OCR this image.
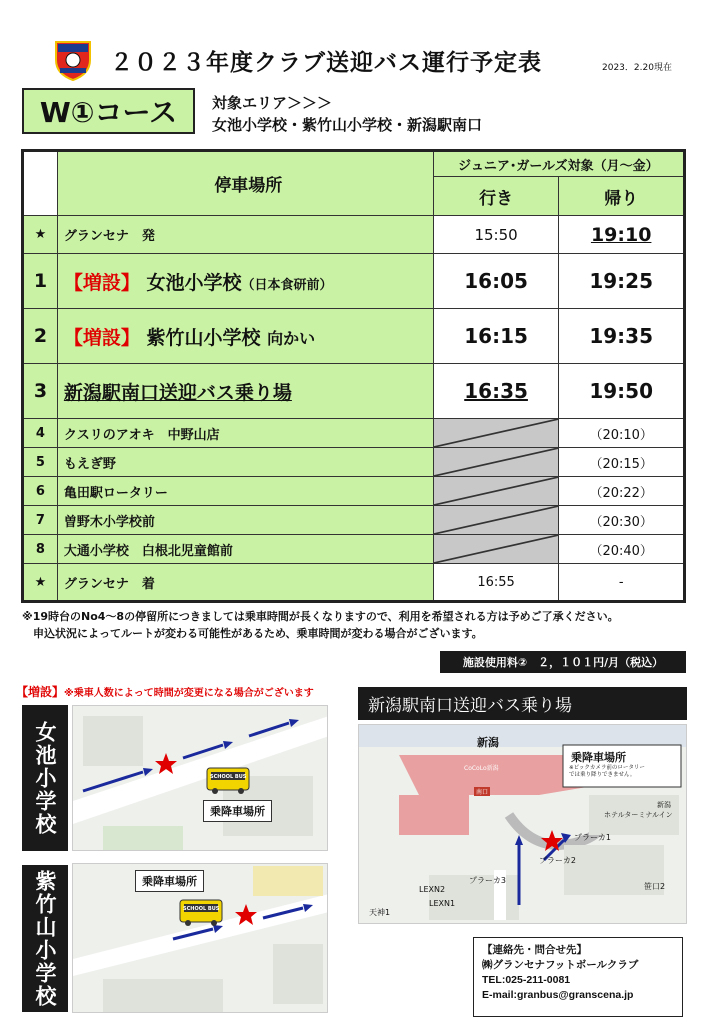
２０２３年度クラブ送迎バス運行予定表	2023．2.20現在
W①コース	対象エリア＞＞＞
女池小学校・紫竹山小学校・新潟駅南口
	停車場所	ジュニア･ガールズ対象（月～金）	
		行き	帰り
★	グランセナ　発	15:50	19:10
1	【増設】 女池小学校（日本食研前）	16:05	19:25
2	【増設】 紫竹山小学校 向かい	16:15	19:35
3	新潟駅南口送迎バス乗り場	16:35	19:50
4	クスリのアオキ　中野山店		（20:10）
5	もえぎ野		（20:15）
6	亀田駅ロータリー		（20:22）
7	曽野木小学校前		（20:30）
8	大通小学校　白根北児童館前		（20:40）
★	グランセナ　着	16:55	-
※19時台のNo4～8の停留所につきましては乗車時間が長くなりますので、利用を希望される方は予めご了承ください。
　申込状況によってルートが変わる可能性があるため、乗車時間が変わる場合がございます。
施設使用料②　２，１０１円/月（税込）
【増設】※乗車人数によって時間が変更になる場合がございます
女池小学校	SCHOOL BUS
乗降車場所
紫竹山小学校	SCHOOL BUS
乗降車場所
新潟駅南口送迎バス乗り場
新潟
乗降車場所
※ビックカメラ前のロータリー
では乗り降りできません。
プラーカ1
プラーカ2
プラーカ3
LEXN2
LEXN1
天神1
笹口2
ホテルターミナルイン
新潟
CoCoLo新潟
南口
【連絡先・問合せ先】
㈱グランセナフットボールクラブ
TEL:025-211-0081
E-mail:granbus@granscena.jp
